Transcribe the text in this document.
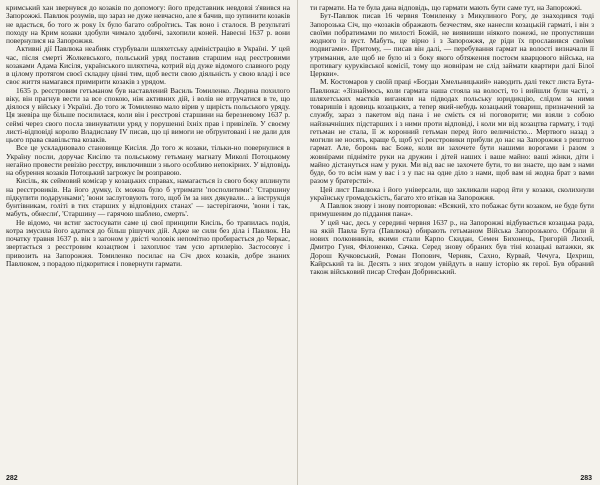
кримський хан звернувся до козаків по допомогу: його представник невдовзі з'явився на Запорожжі. Павлюк розумів, що зараз не дуже невчасно, але я бачив, що зупинити козаків не вдасться, бо того ж року їх було багато озброїтись. Так воно і сталося. В результаті походу на Крим козаки здобули чимало здобичі, захопили коней. Навесні 1637 р. вони повернулися на Запорожжя.

Активні дії Павлюка неабияк стурбували шляхетську адміністрацію в Україні. У цей час, після смерті Жолкевського, польський уряд поставив старшим над реєстровими козаками Адама Кисіля, українського шляхтича, котрий від дуже відомого славного роду в цілому протягом своєї складну цінні тим, щоб вести свою діяльність у свою владі і все своє життя намагався примирити козаків з урядом.

1635 р. реєстровим гетьманом був наставлений Василь Томиленко. Людина похилого віку, він прагнув вести за все спокою, ніж активних дій, і волів не втручатися в те, що діялося у війську і Україні. До того ж Томиленко мало вірив у щирість польського уряду. Ця зневіра ще більше посилилася, коли він і реєстрові старшини на березневому 1637 р. сеймі через свого посла звинуватили уряд у порушенні їхніх прав і привілеїв. У своєму листі-відповіді королю Владиславу IV писав, що ці вимоги не обґрунтовані і не дали для цього права свавільства козаків.

Все це ускладнювало становище Кисіля. До того ж козаки, тільки-но повернулися в Україну посли, доручає Кисілю та польському гетьману магнату Миколі Потоцькому негайно провести ревізію реєстру, виключивши з нього особливо непокірних. У відповідь на обурення козаків Потоцький загрожує їм розправою.

Кисіль, як сеймовий комісар у козацьких справах, намагається із свого боку вплинути на реєстровиків. На його думку, їх можна було б утримати 'посполитими': 'Старшину підкупити подарунками'; 'вони заслуговують того, щоб їм за них дякували... а інструкція бунтівникам, голіті в тих старших у відповідних станах' — застерігаючи, 'вони і так, мабуть, обнесли', 'Старшину — гарячою шаблею, смерть'.

Не відомо, чи встиг застосувати саме ці свої принципи Кисіль, бо трапилась подія, котра змусила його адатися до більш рішучих дій. Адже не сили без діла і Павлюк. На початку травня 1637 р. він з загоном у двісті чоловік непомітно пробирається до Черкас, звертається з реєстровим козацтвом і захоплює там усю артилерію. Застосовує і привозить на Запорожжя. Томиленко посилає на Січ двох козаків, добре знаних Павлюком, з порадою підкоритися і повернути гармати.

ти гармати. На те була дана відповідь, що гармати мають бути саме тут, на Запорожжі.

Бут-Павлюк писав 16 червня Томиленку з Микулиного Рогу, де знаходився тоді Запорозька Січ, що «козаків ображають безчестям, яке нанесли козацькій гарматі, і він з своїми побратимами по милості Божій, не виявивши ніякого пожежі, не пропустивши жодного із вуст. Мабуть, це вірно і з Запорожжя, де ріди їх прославився своїми подвигами». Притому, — писав він далі, — перебування гармат на волості визначали її утримання, але щоб не було ні з боку якого обтяження постоєм кварцового війська, на противагу куруківської комісії, тому що жовнірам не слід займати квартири далі Білої Церкви».

М. Костомаров у своїй праці «Богдан Хмельницький» наводить далі текст листа Бута-Павлюка: «Зізнаймось, коли гармата наша стояла на волості, то і вийшли були часті, з шляхетських маєтків виганяли на підводах польську юридикцію, слідом за ними товаришів і вдовиць козацьких, а тепер який-небудь козацький товариш, призначений за службу, зараз з пакетом від пана і не смієть ся ні поговорити; ми взяли з собою найзначніших підстарших і з ними проти відповіді, і коли ми від козацтва гармату, і тоді гетьман не стала, її ж коронний гетьман перед його величністю... Мертвого назад з могили не носять, краще б, щоб усі реєстровики прибули до нас на Запорожжя з рештою гармат. Але, боронь вас Боже, коли ви захочете бути нашими ворогами і разом з жовнірами підніміте руки на дружин і дітей наших і ваше майно: ваші жінки, діти і майно дістануться нам у руки. Ми від вас не захочете бути, то ви знаєте, що вам з нами буде, бо то всім нам у вас і з у пас на одне діло з нами, щоб вам ні жодна брат з вами разом у братерстві».

Цей лист Павлюка і його універсали, що закликали народ йти у козаки, сколихнули українську громадськість, багато хто втікав на Запорожжя.

А Павлюк знову і знову повторював: «Всякий, хто побажає бути козаком, не буде бути примушеним до піддання пана».

У цей час, десь у середині червня 1637 р., на Запорожжі відбувається козацька рада, на якій Павла Бута (Павлюка) обирають гетьманом Війська Запорозького. Обрали й нових полковників, якими стали Карпо Скидан, Семен Бихонець, Григорій Лихий, Дмитро Гуня, Філоненко, Сачка. Серед знову обраних був тіні козацькі ватажки, як Дорош Кучковський, Роман Попович, Черняк, Сахно, Курвай, Чечуга, Цехриш, Кайрський та ін. Десять з них згодом увійдуть в нашу історію як герої. Був обраний також військовий писар Стефан Добринський.

282	283
